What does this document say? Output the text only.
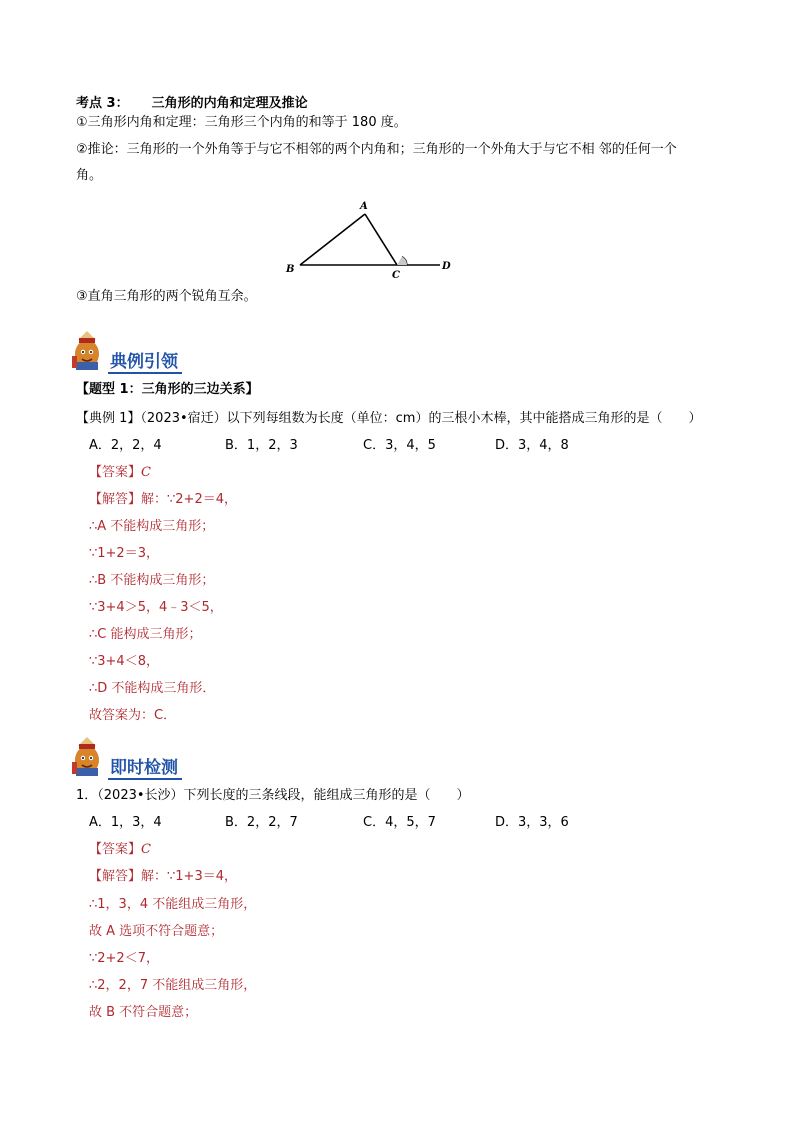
考点 3： 三角形的内角和定理及推论
①三角形内角和定理：三角形三个内角的和等于 180 度。
②推论：三角形的一个外角等于与它不相邻的两个内角和；三角形的一个外角大于与它不相 邻的任何一个
角。
A
B
C
D
③直角三角形的两个锐角互余。
典例引领
【题型 1：三角形的三边关系】
【典例 1】（2023•宿迁）以下列每组数为长度（单位：cm）的三根小木棒，其中能搭成三角形的是（　　）
A．2，2，4	B．1，2，3	C．3，4，5	D．3，4，8
【答案】C
【解答】解：∵2+2＝4，
∴A 不能构成三角形；
∵1+2＝3，
∴B 不能构成三角形；
∵3+4＞5，4﹣3＜5，
∴C 能构成三角形；
∵3+4＜8，
∴D 不能构成三角形．
故答案为：C．
即时检测
1．（2023•长沙）下列长度的三条线段，能组成三角形的是（　　）
A．1，3，4	B．2，2，7	C．4，5，7	D．3，3，6
【答案】C
【解答】解：∵1+3＝4，
∴1，3，4 不能组成三角形，
故 A 选项不符合题意；
∵2+2＜7，
∴2，2，7 不能组成三角形，
故 B 不符合题意；
